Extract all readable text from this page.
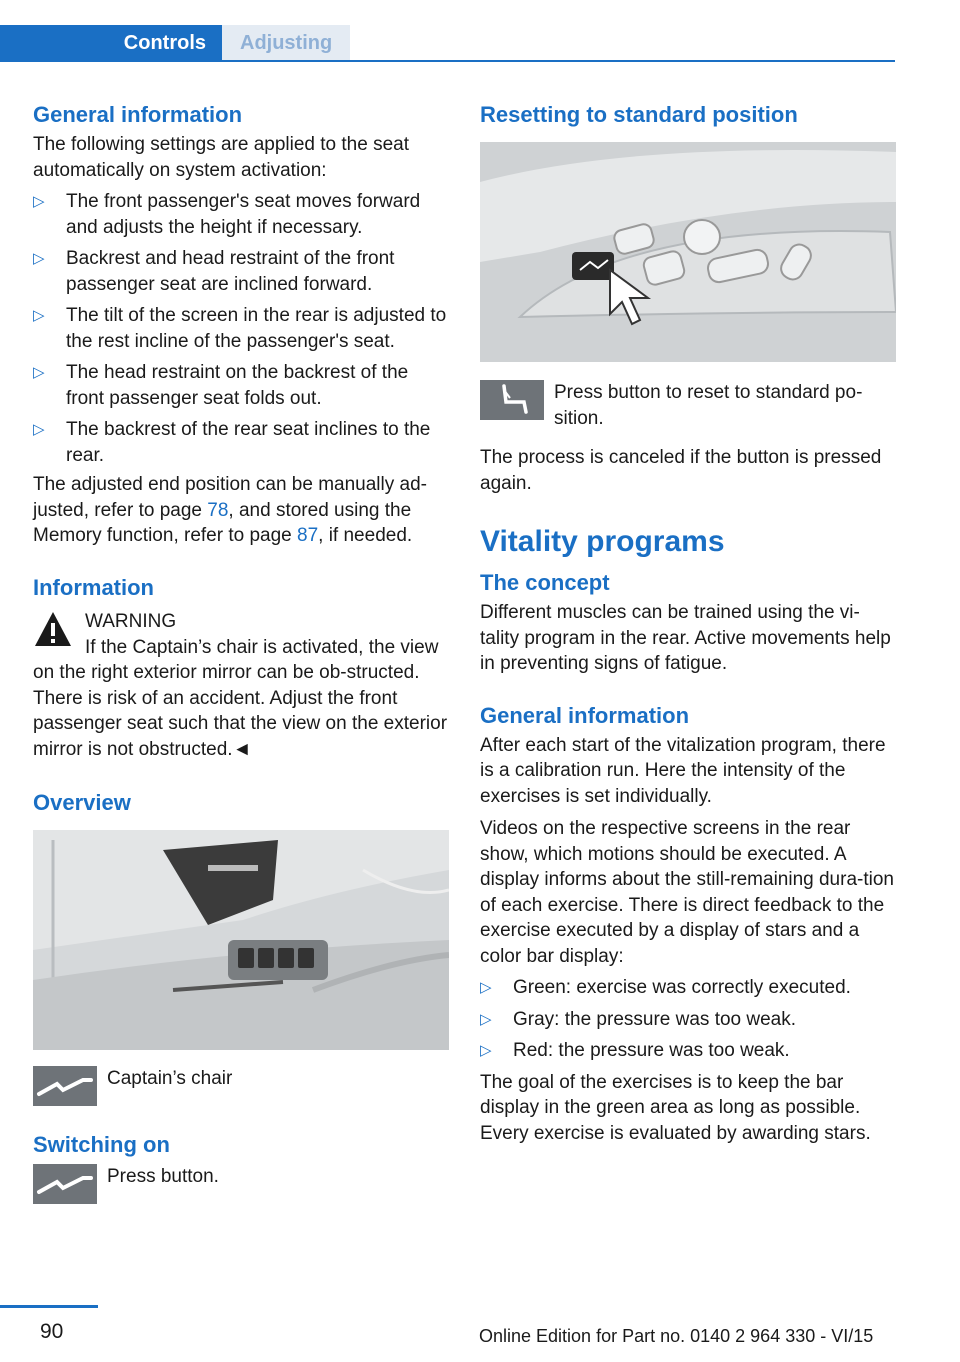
Controls Adjusting
General information

The following settings are applied to the seat automatically on system activation:

▷ The front passenger's seat moves forward and adjusts the height if necessary.
▷ Backrest and head restraint of the front passenger seat are inclined forward.
▷ The tilt of the screen in the rear is adjusted to the rest incline of the passenger's seat.
▷ The head restraint on the backrest of the front passenger seat folds out.
▷ The backrest of the rear seat inclines to the rear.

The adjusted end position can be manually ad‐justed, refer to page 78, and stored using the Memory function, refer to page 87, if needed.

Information

WARNING

If the Captain’s chair is activated, the view on the right exterior mirror can be ob‐structed. There is risk of an accident. Adjust the front passenger seat such that the view on the exterior mirror is not obstructed.◄

Overview

Captain’s chair

Switching on

Press button.

Resetting to standard position

Press button to reset to standard po‐sition.

The process is canceled if the button is pressed again.

Vitality programs
The concept

Different muscles can be trained using the vi‐tality program in the rear. Active movements help in preventing signs of fatigue.

General information

After each start of the vitalization program, there is a calibration run. Here the intensity of the exercises is set individually.

Videos on the respective screens in the rear show, which motions should be executed. A display informs about the still-remaining dura‐tion of each exercise. There is direct feedback to the exercise executed by a display of stars and a color bar display:

▷ Green: exercise was correctly executed.
▷ Gray: the pressure was too weak.
▷ Red: the pressure was too weak.

The goal of the exercises is to keep the bar display in the green area as long as possible. Every exercise is evaluated by awarding stars.

90	Online Edition for Part no. 0140 2 964 330 - VI/15
